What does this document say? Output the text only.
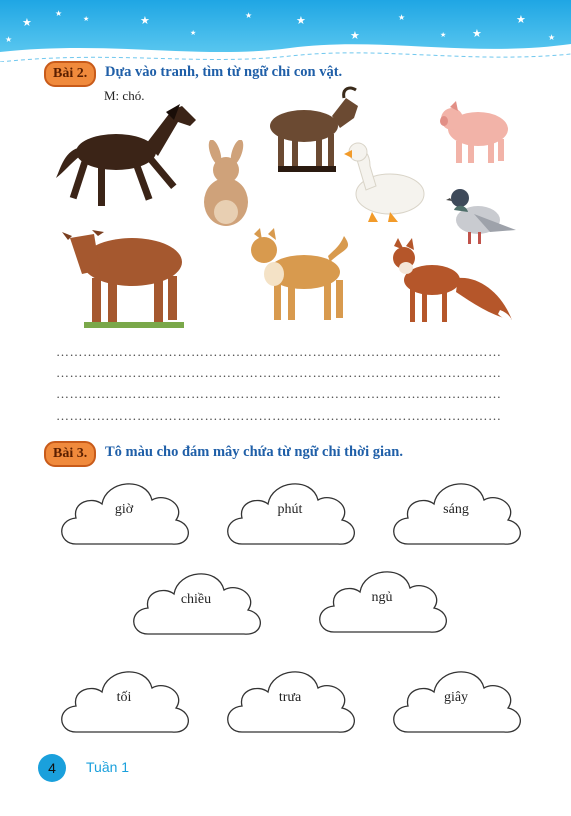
★
★
★	★
★
★	★
★
★
★ ★
★
★
★
Bài 2.	Dựa vào tranh, tìm từ ngữ chỉ con vật.
M: chó.
………………………………………………………………………………………
………………………………………………………………………………………
………………………………………………………………………………………
………………………………………………………………………………………
Bài 3.	Tô màu cho đám mây chứa từ ngữ chỉ thời gian.
giờ	phút	sáng
chiều	ngủ
tối	trưa	giây
4	Tuần 1
